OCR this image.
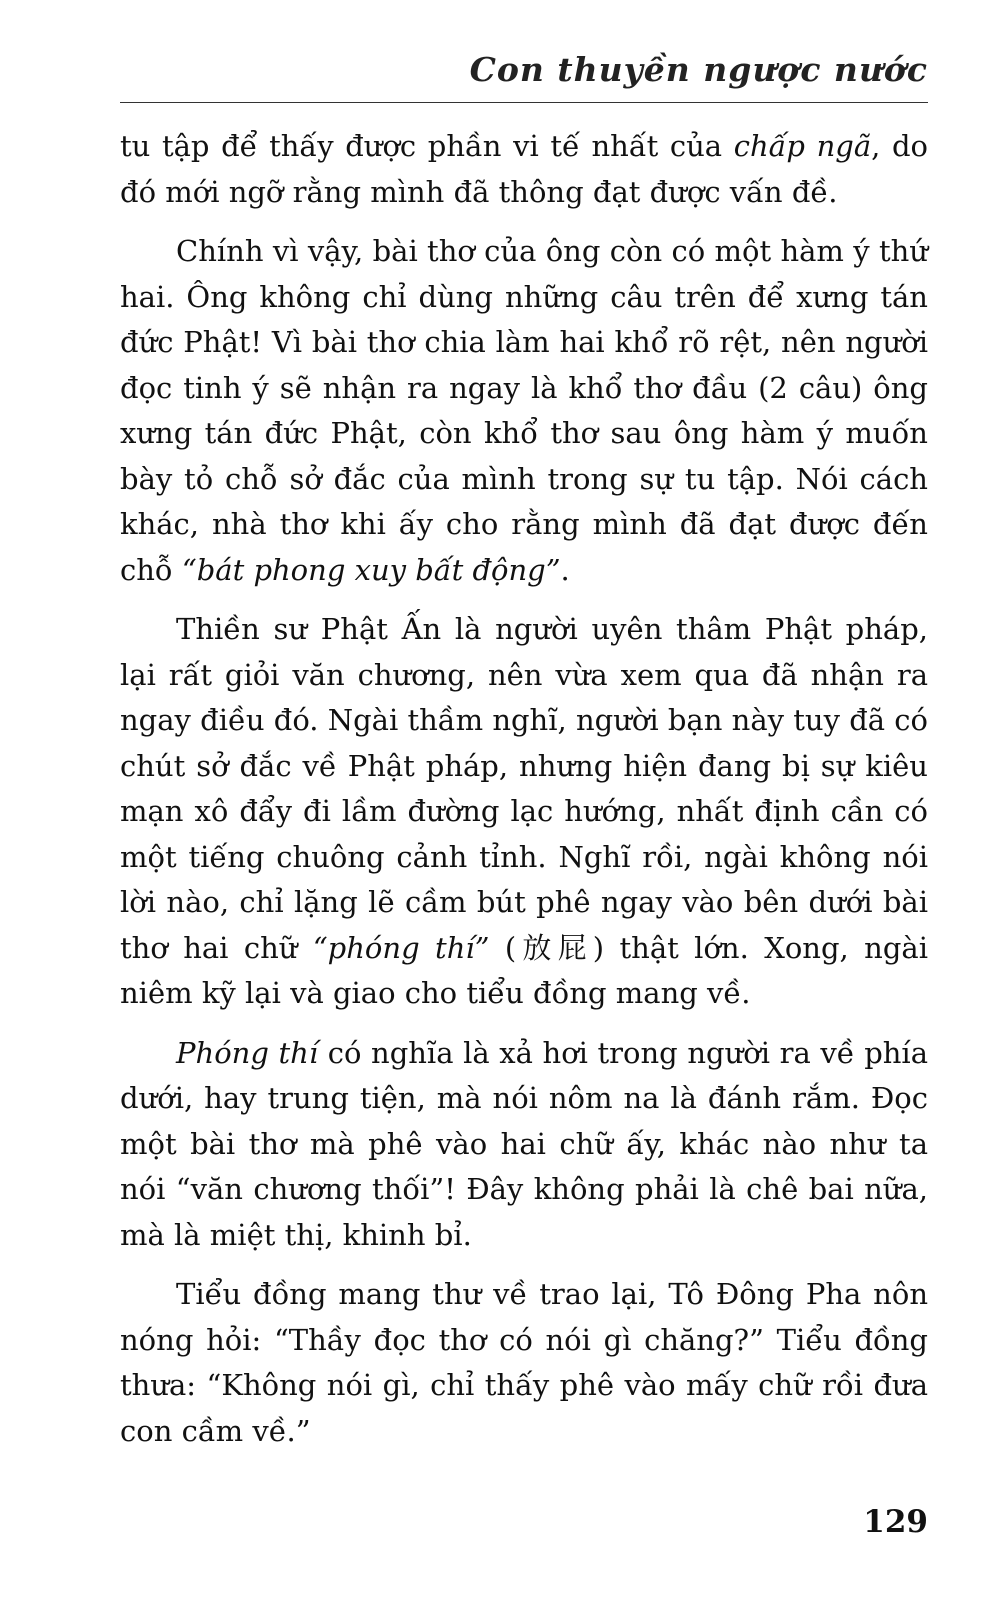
Con thuyền ngược nước

tu tập để thấy được phần vi tế nhất của chấp ngã, do đó mới ngỡ rằng mình đã thông đạt được vấn đề.

Chính vì vậy, bài thơ của ông còn có một hàm ý thứ hai. Ông không chỉ dùng những câu trên để xưng tán đức Phật! Vì bài thơ chia làm hai khổ rõ rệt, nên người đọc tinh ý sẽ nhận ra ngay là khổ thơ đầu (2 câu) ông xưng tán đức Phật, còn khổ thơ sau ông hàm ý muốn bày tỏ chỗ sở đắc của mình trong sự tu tập. Nói cách khác, nhà thơ khi ấy cho rằng mình đã đạt được đến chỗ “bát phong xuy bất động”.

Thiền sư Phật Ấn là người uyên thâm Phật pháp, lại rất giỏi văn chương, nên vừa xem qua đã nhận ra ngay điều đó. Ngài thầm nghĩ, người bạn này tuy đã có chút sở đắc về Phật pháp, nhưng hiện đang bị sự kiêu mạn xô đẩy đi lầm đường lạc hướng, nhất định cần có một tiếng chuông cảnh tỉnh. Nghĩ rồi, ngài không nói lời nào, chỉ lặng lẽ cầm bút phê ngay vào bên dưới bài thơ hai chữ “phóng thí” (放屁) thật lớn. Xong, ngài niêm kỹ lại và giao cho tiểu đồng mang về.

Phóng thí có nghĩa là xả hơi trong người ra về phía dưới, hay trung tiện, mà nói nôm na là đánh rắm. Đọc một bài thơ mà phê vào hai chữ ấy, khác nào như ta nói “văn chương thối”! Đây không phải là chê bai nữa, mà là miệt thị, khinh bỉ.

Tiểu đồng mang thư về trao lại, Tô Đông Pha nôn nóng hỏi: “Thầy đọc thơ có nói gì chăng?” Tiểu đồng thưa: “Không nói gì, chỉ thấy phê vào mấy chữ rồi đưa con cầm về.”

129
